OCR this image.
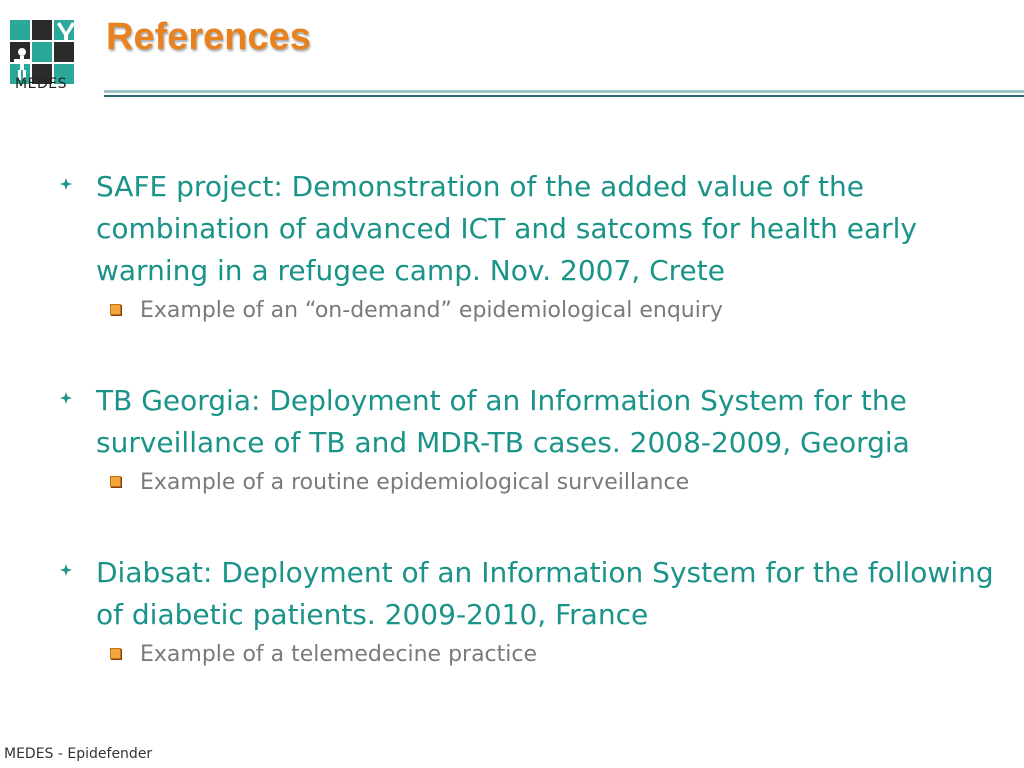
MEDES
References
SAFE project: Demonstration of the added value of the combination of advanced ICT and satcoms for health early warning in a refugee camp. Nov. 2007, Crete
Example of an “on-demand” epidemiological enquiry
TB Georgia: Deployment of an Information System for the surveillance of TB and MDR-TB cases. 2008-2009, Georgia
Example of a routine epidemiological surveillance
Diabsat: Deployment of an Information System for the following of diabetic patients. 2009-2010, France
Example of a telemedecine practice
MEDES - Epidefender
